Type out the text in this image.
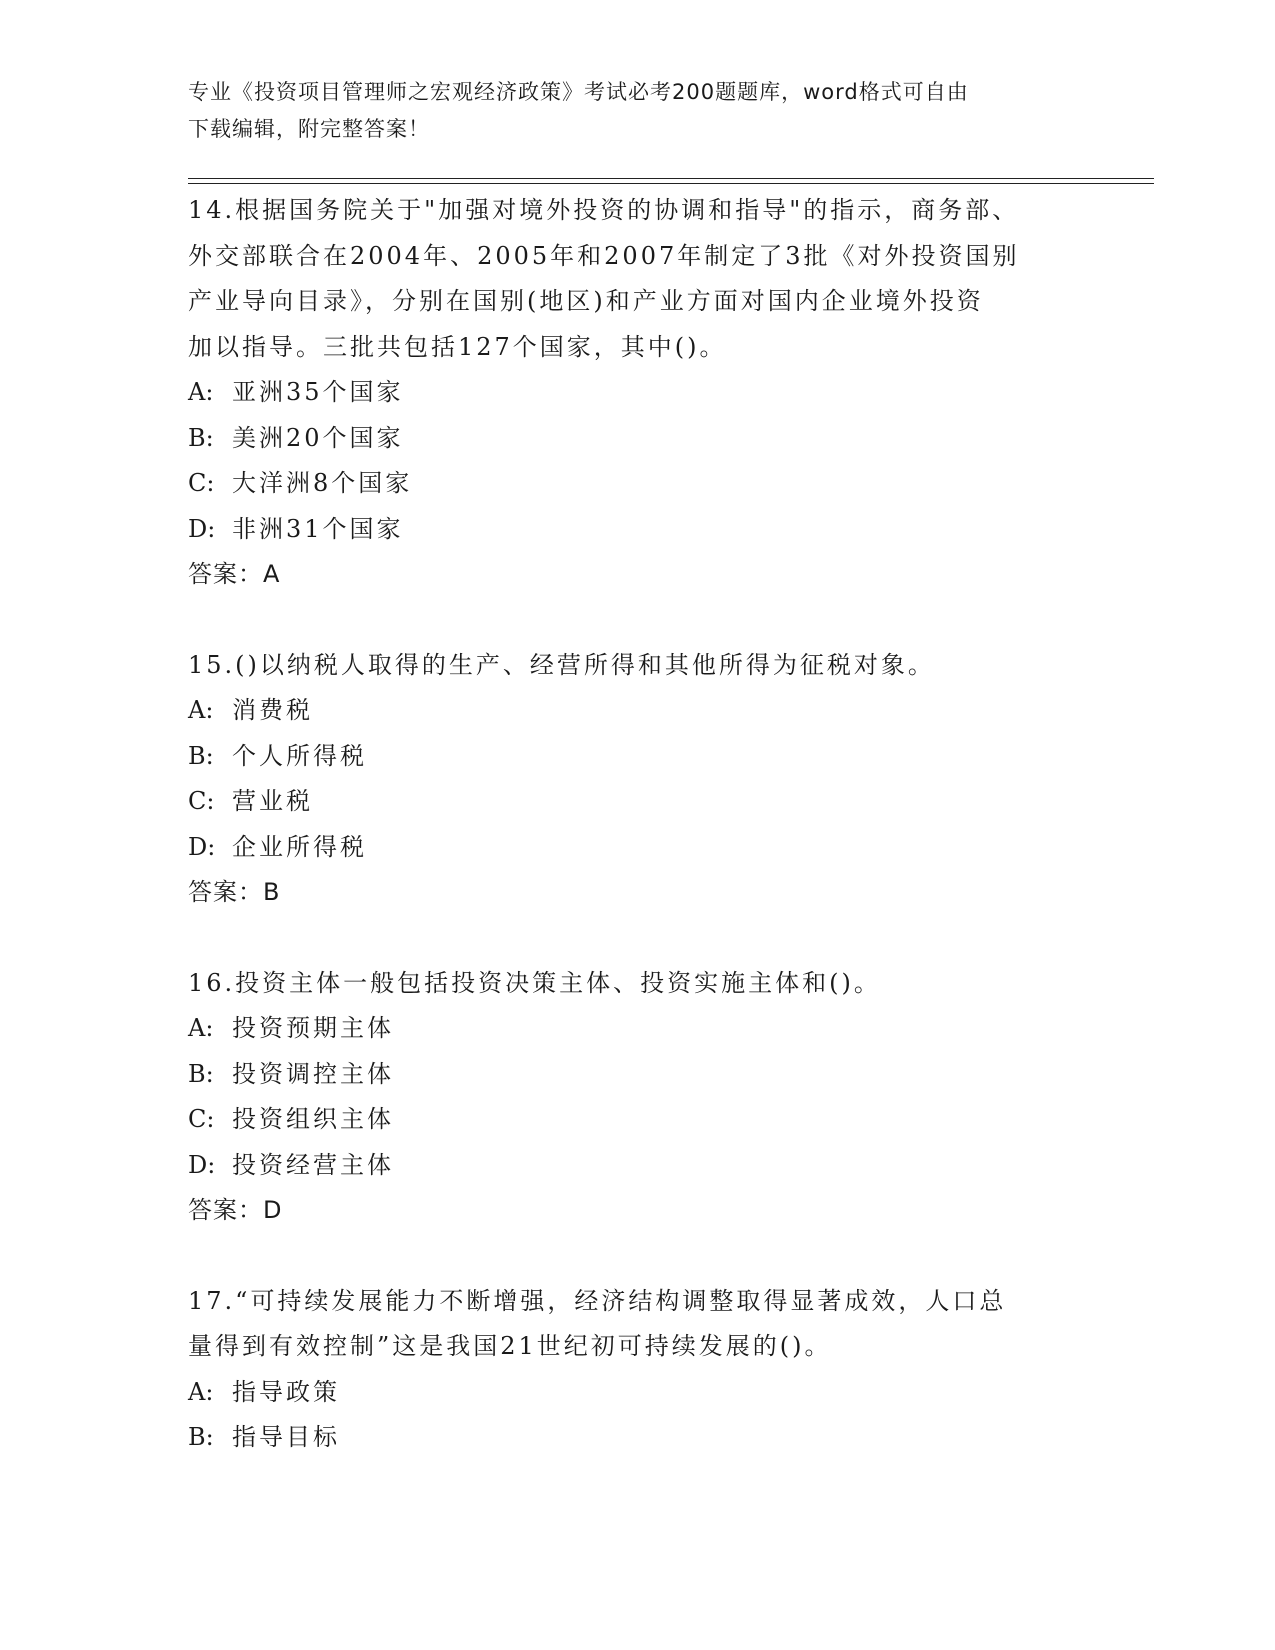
专业《投资项目管理师之宏观经济政策》考试必考200题题库，word格式可自由
下载编辑，附完整答案！
14.根据国务院关于"加强对境外投资的协调和指导"的指示，商务部、
外交部联合在2004年、2005年和2007年制定了3批《对外投资国别
产业导向目录》，分别在国别(地区)和产业方面对国内企业境外投资
加以指导。三批共包括127个国家，其中()。
A: 亚洲35个国家
B: 美洲20个国家
C: 大洋洲8个国家
D: 非洲31个国家
答案：A
15.()以纳税人取得的生产、经营所得和其他所得为征税对象。
A: 消费税
B: 个人所得税
C: 营业税
D: 企业所得税
答案：B
16.投资主体一般包括投资决策主体、投资实施主体和()。
A: 投资预期主体
B: 投资调控主体
C: 投资组织主体
D: 投资经营主体
答案：D
17.“可持续发展能力不断增强，经济结构调整取得显著成效，人口总
量得到有效控制”这是我国21世纪初可持续发展的()。
A: 指导政策
B: 指导目标
